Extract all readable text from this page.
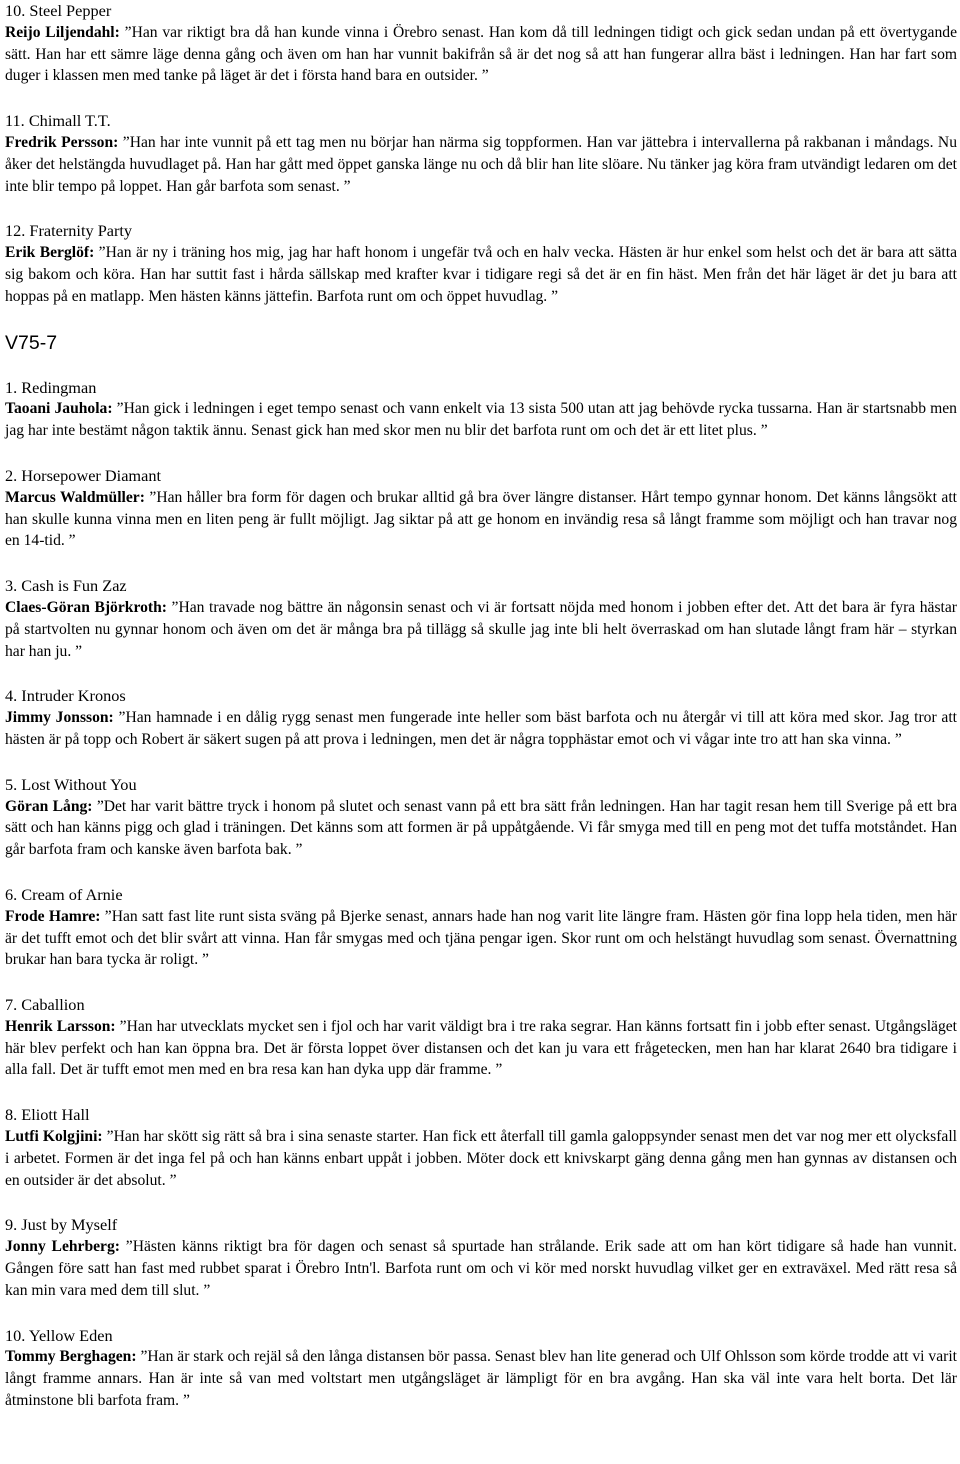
10. Steel Pepper

Reijo Liljendahl: ”Han var riktigt bra då han kunde vinna i Örebro senast. Han kom då till ledningen tidigt och gick sedan undan på ett övertygande sätt. Han har ett sämre läge denna gång och även om han har vunnit bakifrån så är det nog så att han fungerar allra bäst i ledningen. Han har fart som duger i klassen men med tanke på läget är det i första hand bara en outsider. ”

11. Chimall T.T.

Fredrik Persson: ”Han har inte vunnit på ett tag men nu börjar han närma sig toppformen. Han var jättebra i intervallerna på rakbanan i måndags. Nu åker det helstängda huvudlaget på. Han har gått med öppet ganska länge nu och då blir han lite slöare. Nu tänker jag köra fram utvändigt ledaren om det inte blir tempo på loppet. Han går barfota som senast. ”

12. Fraternity Party

Erik Berglöf: ”Han är ny i träning hos mig, jag har haft honom i ungefär två och en halv vecka. Hästen är hur enkel som helst och det är bara att sätta sig bakom och köra. Han har suttit fast i hårda sällskap med krafter kvar i tidigare regi så det är en fin häst. Men från det här läget är det ju bara att hoppas på en matlapp. Men hästen känns jättefin. Barfota runt om och öppet huvudlag. ”

V75-7

1. Redingman

Taoani Jauhola: ”Han gick i ledningen i eget tempo senast och vann enkelt via 13 sista 500 utan att jag behövde rycka tussarna. Han är startsnabb men jag har inte bestämt någon taktik ännu. Senast gick han med skor men nu blir det barfota runt om och det är ett litet plus. ”

2. Horsepower Diamant

Marcus Waldmüller: ”Han håller bra form för dagen och brukar alltid gå bra över längre distanser. Hårt tempo gynnar honom. Det känns långsökt att han skulle kunna vinna men en liten peng är fullt möjligt. Jag siktar på att ge honom en invändig resa så långt framme som möjligt och han travar nog en 14-tid. ”

3. Cash is Fun Zaz

Claes-Göran Björkroth: ”Han travade nog bättre än någonsin senast och vi är fortsatt nöjda med honom i jobben efter det. Att det bara är fyra hästar på startvolten nu gynnar honom och även om det är många bra på tillägg så skulle jag inte bli helt överraskad om han slutade långt fram här – styrkan har han ju. ”

4. Intruder Kronos

Jimmy Jonsson: ”Han hamnade i en dålig rygg senast men fungerade inte heller som bäst barfota och nu återgår vi till att köra med skor. Jag tror att hästen är på topp och Robert är säkert sugen på att prova i ledningen, men det är några topphästar emot och vi vågar inte tro att han ska vinna. ”

5. Lost Without You

Göran Lång: ”Det har varit bättre tryck i honom på slutet och senast vann på ett bra sätt från ledningen. Han har tagit resan hem till Sverige på ett bra sätt och han känns pigg och glad i träningen. Det känns som att formen är på uppåtgående. Vi får smyga med till en peng mot det tuffa motståndet. Han går barfota fram och kanske även barfota bak. ”

6. Cream of Arnie

Frode Hamre: ”Han satt fast lite runt sista sväng på Bjerke senast, annars hade han nog varit lite längre fram. Hästen gör fina lopp hela tiden, men här är det tufft emot och det blir svårt att vinna. Han får smygas med och tjäna pengar igen. Skor runt om och helstängt huvudlag som senast. Övernattning brukar han bara tycka är roligt. ”

7. Caballion

Henrik Larsson: ”Han har utvecklats mycket sen i fjol och har varit väldigt bra i tre raka segrar. Han känns fortsatt fin i jobb efter senast. Utgångsläget här blev perfekt och han kan öppna bra. Det är första loppet över distansen och det kan ju vara ett frågetecken, men han har klarat 2640 bra tidigare i alla fall. Det är tufft emot men med en bra resa kan han dyka upp där framme. ”

8. Eliott Hall

Lutfi Kolgjini: ”Han har skött sig rätt så bra i sina senaste starter. Han fick ett återfall till gamla galoppsynder senast men det var nog mer ett olycksfall i arbetet. Formen är det inga fel på och han känns enbart uppåt i jobben. Möter dock ett knivskarpt gäng denna gång men han gynnas av distansen och en outsider är det absolut. ”

9. Just by Myself

Jonny Lehrberg: ”Hästen känns riktigt bra för dagen och senast så spurtade han strålande. Erik sade att om han kört tidigare så hade han vunnit. Gången före satt han fast med rubbet sparat i Örebro Intn'l. Barfota runt om och vi kör med norskt huvudlag vilket ger en extraväxel. Med rätt resa så kan min vara med dem till slut. ”

10. Yellow Eden

Tommy Berghagen: ”Han är stark och rejäl så den långa distansen bör passa. Senast blev han lite generad och Ulf Ohlsson som körde trodde att vi varit långt framme annars. Han är inte så van med voltstart men utgångsläget är lämpligt för en bra avgång. Han ska väl inte vara helt borta. Det lär åtminstone bli barfota fram. ”
